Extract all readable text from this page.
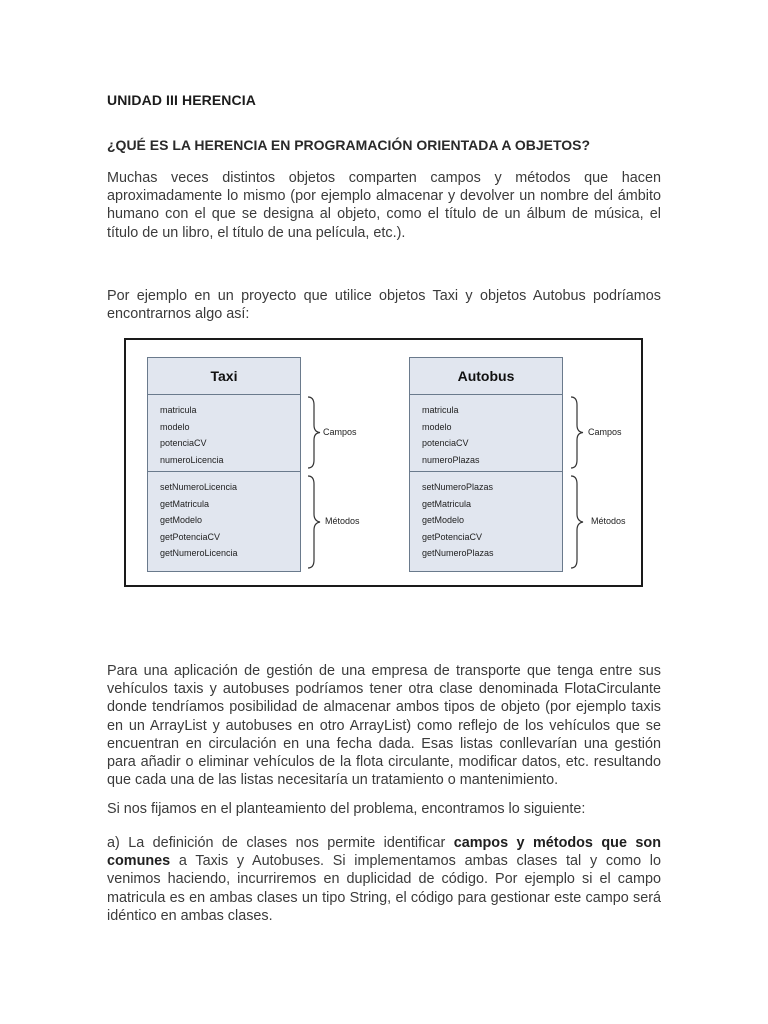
UNIDAD III HERENCIA
¿QUÉ ES LA HERENCIA EN PROGRAMACIÓN ORIENTADA A OBJETOS?

Muchas veces distintos objetos comparten campos y métodos que hacen aproximadamente lo mismo (por ejemplo almacenar y devolver un nombre del ámbito humano con el que se designa al objeto, como el título de un álbum de música, el título de un libro, el título de una película, etc.).

Por ejemplo en un proyecto que utilice objetos Taxi y objetos Autobus podríamos encontrarnos algo así:

Para una aplicación de gestión de una empresa de transporte que tenga entre sus vehículos taxis y autobuses podríamos tener otra clase denominada FlotaCirculante donde tendríamos posibilidad de almacenar ambos tipos de objeto (por ejemplo taxis en un ArrayList y autobuses en otro ArrayList) como reflejo de los vehículos que se encuentran en circulación en una fecha dada. Esas listas conllevarían una gestión para añadir o eliminar vehículos de la flota circulante, modificar datos, etc. resultando que cada una de las listas necesitaría un tratamiento o mantenimiento.

Si nos fijamos en el planteamiento del problema, encontramos lo siguiente:

a) La definición de clases nos permite identificar campos y métodos que son comunes a Taxis y Autobuses. Si implementamos ambas clases tal y como lo venimos haciendo, incurriremos en duplicidad de código. Por ejemplo si el campo matricula es en ambas clases un tipo String, el código para gestionar este campo será idéntico en ambas clases.

Taxi
matricula
modelo
potenciaCV
numeroLicencia
setNumeroLicencia
getMatricula
getModelo
getPotenciaCV
getNumeroLicencia
Campos
Métodos
Autobus
matricula
modelo
potenciaCV
numeroPlazas
setNumeroPlazas
getMatricula
getModelo
getPotenciaCV
getNumeroPlazas
Campos
Métodos
